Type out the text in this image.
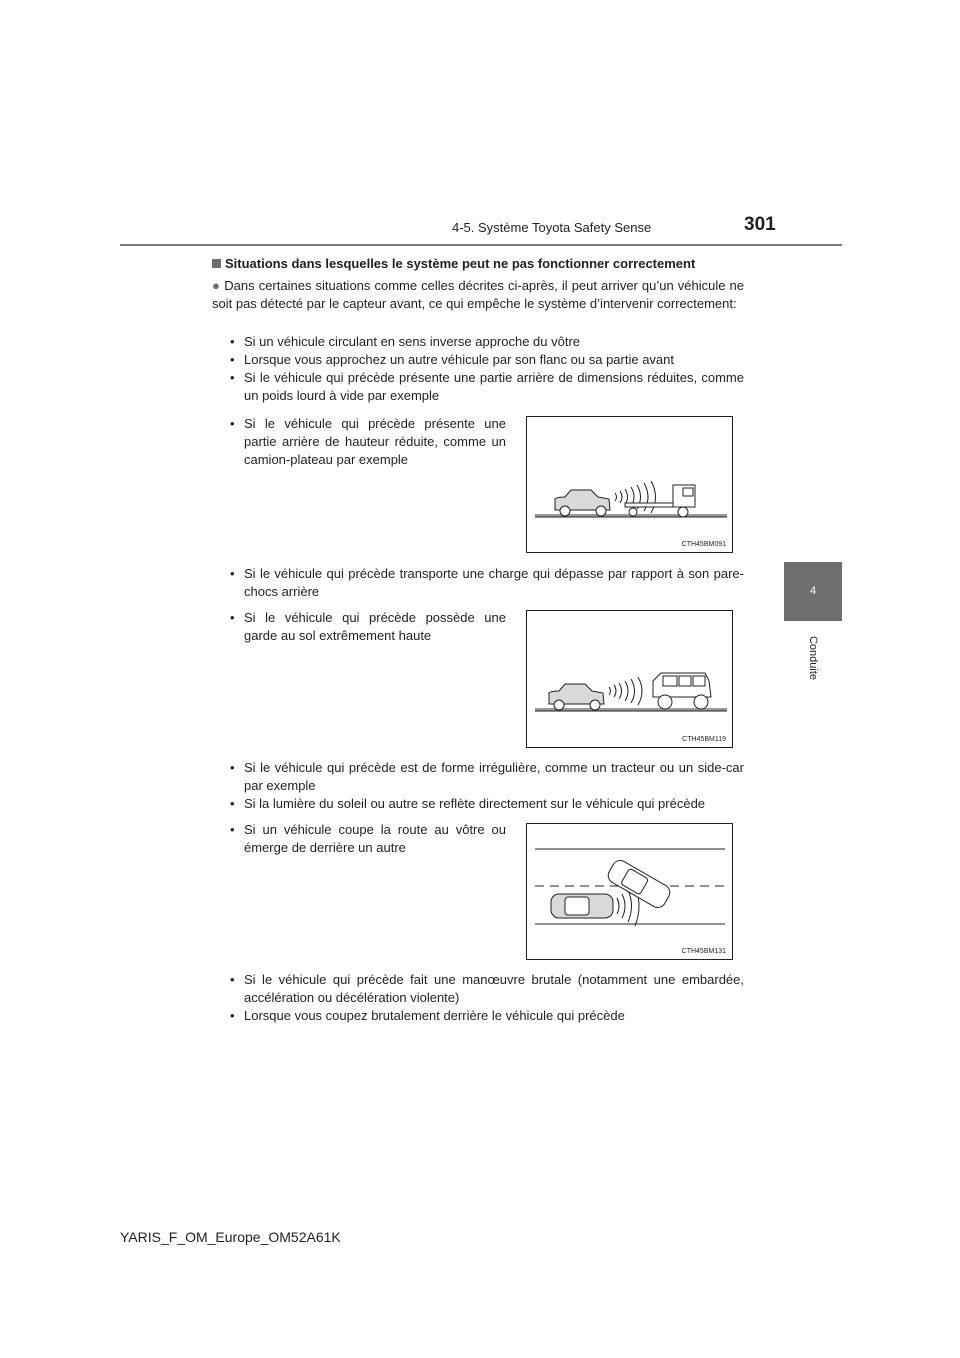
4-5. Système Toyota Safety Sense	301
4
Conduite
Situations dans lesquelles le système peut ne pas fonctionner correctement
● Dans certaines situations comme celles décrites ci-après, il peut arriver qu’un véhicule ne soit pas détecté par le capteur avant, ce qui empêche le système d’intervenir correctement:
• Si un véhicule circulant en sens inverse approche du vôtre
• Lorsque vous approchez un autre véhicule par son flanc ou sa partie avant
• Si le véhicule qui précède présente une partie arrière de dimensions réduites, comme un poids lourd à vide par exemple
• Si le véhicule qui précède présente une partie arrière de hauteur réduite, comme un camion-plateau par exemple
CTH45BM091
• Si le véhicule qui précède transporte une charge qui dépasse par rapport à son pare-chocs arrière
• Si le véhicule qui précède possède une garde au sol extrêmement haute
CTH45BM119
• Si le véhicule qui précède est de forme irrégulière, comme un tracteur ou un side-car par exemple
• Si la lumière du soleil ou autre se reflète directement sur le véhicule qui précède
• Si un véhicule coupe la route au vôtre ou émerge de derrière un autre
CTH45BM131
• Si le véhicule qui précède fait une manœuvre brutale (notamment une embardée, accélération ou décélération violente)
• Lorsque vous coupez brutalement derrière le véhicule qui précède
YARIS_F_OM_Europe_OM52A61K
